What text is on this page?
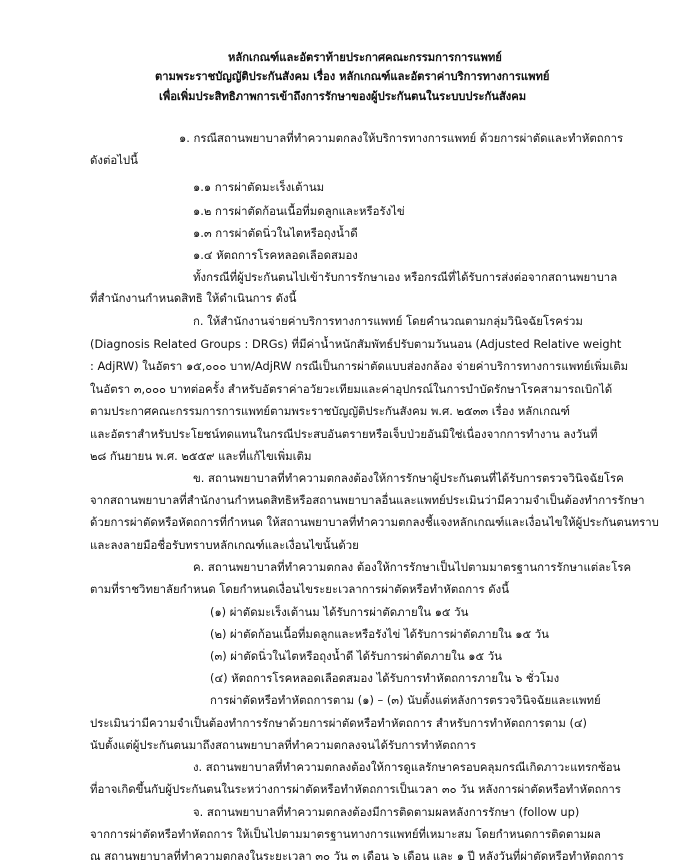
หลักเกณฑ์และอัตราท้ายประกาศคณะกรรมการการแพทย์
ตามพระราชบัญญัติประกันสังคม เรื่อง หลักเกณฑ์และอัตราค่าบริการทางการแพทย์
เพื่อเพิ่มประสิทธิภาพการเข้าถึงการรักษาของผู้ประกันตนในระบบประกันสังคม
๑. กรณีสถานพยาบาลที่ทำความตกลงให้บริการทางการแพทย์ ด้วยการผ่าตัดและทำหัตถการ
ดังต่อไปนี้
๑.๑ การผ่าตัดมะเร็งเต้านม
๑.๒ การผ่าตัดก้อนเนื้อที่มดลูกและหรือรังไข่
๑.๓ การผ่าตัดนิ่วในไตหรือถุงน้ำดี
๑.๔ หัตถการโรคหลอดเลือดสมอง
ทั้งกรณีที่ผู้ประกันตนไปเข้ารับการรักษาเอง หรือกรณีที่ได้รับการส่งต่อจากสถานพยาบาล
ที่สำนักงานกำหนดสิทธิ ให้ดำเนินการ ดังนี้
ก. ให้สำนักงานจ่ายค่าบริการทางการแพทย์ โดยคำนวณตามกลุ่มวินิจฉัยโรคร่วม
(Diagnosis Related Groups : DRGs) ที่มีค่าน้ำหนักสัมพัทธ์ปรับตามวันนอน (Adjusted Relative weight
: AdjRW) ในอัตรา ๑๕,๐๐๐ บาท/AdjRW กรณีเป็นการผ่าตัดแบบส่องกล้อง จ่ายค่าบริการทางการแพทย์เพิ่มเติม
ในอัตรา ๓,๐๐๐ บาทต่อครั้ง สำหรับอัตราค่าอวัยวะเทียมและค่าอุปกรณ์ในการบำบัดรักษาโรคสามารถเบิกได้
ตามประกาศคณะกรรมการการแพทย์ตามพระราชบัญญัติประกันสังคม พ.ศ. ๒๕๓๓ เรื่อง หลักเกณฑ์
และอัตราสำหรับประโยชน์ทดแทนในกรณีประสบอันตรายหรือเจ็บป่วยอันมิใช่เนื่องจากการทำงาน ลงวันที่
๒๘ กันยายน พ.ศ. ๒๕๕๙ และที่แก้ไขเพิ่มเติม
ข. สถานพยาบาลที่ทำความตกลงต้องให้การรักษาผู้ประกันตนที่ได้รับการตรวจวินิจฉัยโรค
จากสถานพยาบาลที่สำนักงานกำหนดสิทธิหรือสถานพยาบาลอื่นและแพทย์ประเมินว่ามีความจำเป็นต้องทำการรักษา
ด้วยการผ่าตัดหรือหัตถการที่กำหนด ให้สถานพยาบาลที่ทำความตกลงชี้แจงหลักเกณฑ์และเงื่อนไขให้ผู้ประกันตนทราบ
และลงลายมือชื่อรับทราบหลักเกณฑ์และเงื่อนไขนั้นด้วย
ค. สถานพยาบาลที่ทำความตกลง ต้องให้การรักษาเป็นไปตามมาตรฐานการรักษาแต่ละโรค
ตามที่ราชวิทยาลัยกำหนด โดยกำหนดเงื่อนไขระยะเวลาการผ่าตัดหรือทำหัตถการ ดังนี้
(๑) ผ่าตัดมะเร็งเต้านม ได้รับการผ่าตัดภายใน ๑๕ วัน
(๒) ผ่าตัดก้อนเนื้อที่มดลูกและหรือรังไข่ ได้รับการผ่าตัดภายใน ๑๕ วัน
(๓) ผ่าตัดนิ่วในไตหรือถุงน้ำดี ได้รับการผ่าตัดภายใน ๑๕ วัน
(๔) หัตถการโรคหลอดเลือดสมอง ได้รับการทำหัตถการภายใน ๖ ชั่วโมง
การผ่าตัดหรือทำหัตถการตาม (๑) – (๓) นับตั้งแต่หลังการตรวจวินิจฉัยและแพทย์
ประเมินว่ามีความจำเป็นต้องทำการรักษาด้วยการผ่าตัดหรือทำหัตถการ สำหรับการทำหัตถการตาม (๔)
นับตั้งแต่ผู้ประกันตนมาถึงสถานพยาบาลที่ทำความตกลงจนได้รับการทำหัตถการ
ง. สถานพยาบาลที่ทำความตกลงต้องให้การดูแลรักษาครอบคลุมกรณีเกิดภาวะแทรกซ้อน
ที่อาจเกิดขึ้นกับผู้ประกันตนในระหว่างการผ่าตัดหรือทำหัตถการเป็นเวลา ๓๐ วัน หลังการผ่าตัดหรือทำหัตถการ
จ. สถานพยาบาลที่ทำความตกลงต้องมีการติดตามผลหลังการรักษา (follow up)
จากการผ่าตัดหรือทำหัตถการ ให้เป็นไปตามมาตรฐานทางการแพทย์ที่เหมาะสม โดยกำหนดการติดตามผล
ณ สถานพยาบาลที่ทำความตกลงในระยะเวลา ๓๐ วัน ๓ เดือน ๖ เดือน และ ๑ ปี หลังวันที่ผ่าตัดหรือทำหัตถการ
